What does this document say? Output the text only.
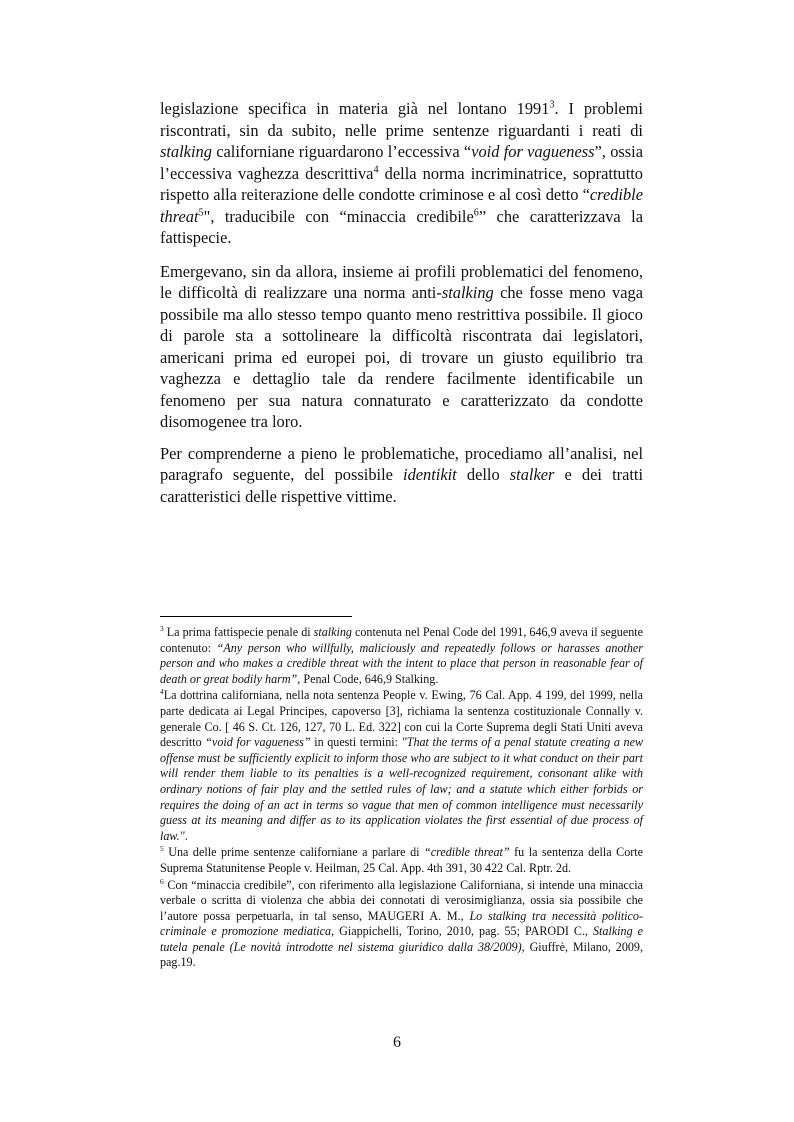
legislazione specifica in materia già nel lontano 1991$^3$. I problemi riscontrati, sin da subito, nelle prime sentenze riguardanti i reati di stalking californiane riguardarono l’eccessiva “void for vagueness”, ossia l’eccessiva vaghezza descrittiva$^4$ della norma incriminatrice, soprattutto rispetto alla reiterazione delle condotte criminose e al così detto “credible threat$^5$", traducibile con “minaccia credibile$^6$” che caratterizzava la fattispecie.

Emergevano, sin da allora, insieme ai profili problematici del fenomeno, le difficoltà di realizzare una norma anti-stalking che fosse meno vaga possibile ma allo stesso tempo quanto meno restrittiva possibile. Il gioco di parole sta a sottolineare la difficoltà riscontrata dai legislatori, americani prima ed europei poi, di trovare un giusto equilibrio tra vaghezza e dettaglio tale da rendere facilmente identificabile un fenomeno per sua natura connaturato e caratterizzato da condotte disomogenee tra loro.

Per comprenderne a pieno le problematiche, procediamo all’analisi, nel paragrafo seguente, del possibile identikit dello stalker e dei tratti caratteristici delle rispettive vittime.

$^3$ La prima fattispecie penale di stalking contenuta nel Penal Code del 1991, 646,9 aveva il seguente contenuto: “Any person who willfully, maliciously and repeatedly follows or harasses another person and who makes a credible threat with the intent to place that person in reasonable fear of death or great bodily harm”, Penal Code, 646,9 Stalking.

$^4$La dottrina californiana, nella nota sentenza People v. Ewing, 76 Cal. App. 4 199, del 1999, nella parte dedicata ai Legal Principes, capoverso [3], richiama la sentenza costituzionale Connally v. generale Co. [ 46 S. Ct. 126, 127, 70 L. Ed. 322] con cui la Corte Suprema degli Stati Uniti aveva descritto “void for vagueness” in questi termini: "That the terms of a penal statute creating a new offense must be sufficiently explicit to inform those who are subject to it what conduct on their part will render them liable to its penalties is a well-recognized requirement, consonant alike with ordinary notions of fair play and the settled rules of law; and a statute which either forbids or requires the doing of an act in terms so vague that men of common intelligence must necessarily guess at its meaning and differ as to its application violates the first essential of due process of law.".

$^5$ Una delle prime sentenze californiane a parlare di “credible threat” fu la sentenza della Corte Suprema Statunitense People v. Heilman, 25 Cal. App. 4th 391, 30 422 Cal. Rptr. 2d.

$^6$ Con “minaccia credibile”, con riferimento alla legislazione Californiana, si intende una minaccia verbale o scritta di violenza che abbia dei connotati di verosimiglianza, ossia sia possibile che l’autore possa perpetuarla, in tal senso, MAUGERI A. M., Lo stalking tra necessità politico-criminale e promozione mediatica, Giappichelli, Torino, 2010, pag. 55; PARODI C., Stalking e tutela penale (Le novità introdotte nel sistema giuridico dalla 38/2009), Giuffrè, Milano, 2009, pag.19.

6
